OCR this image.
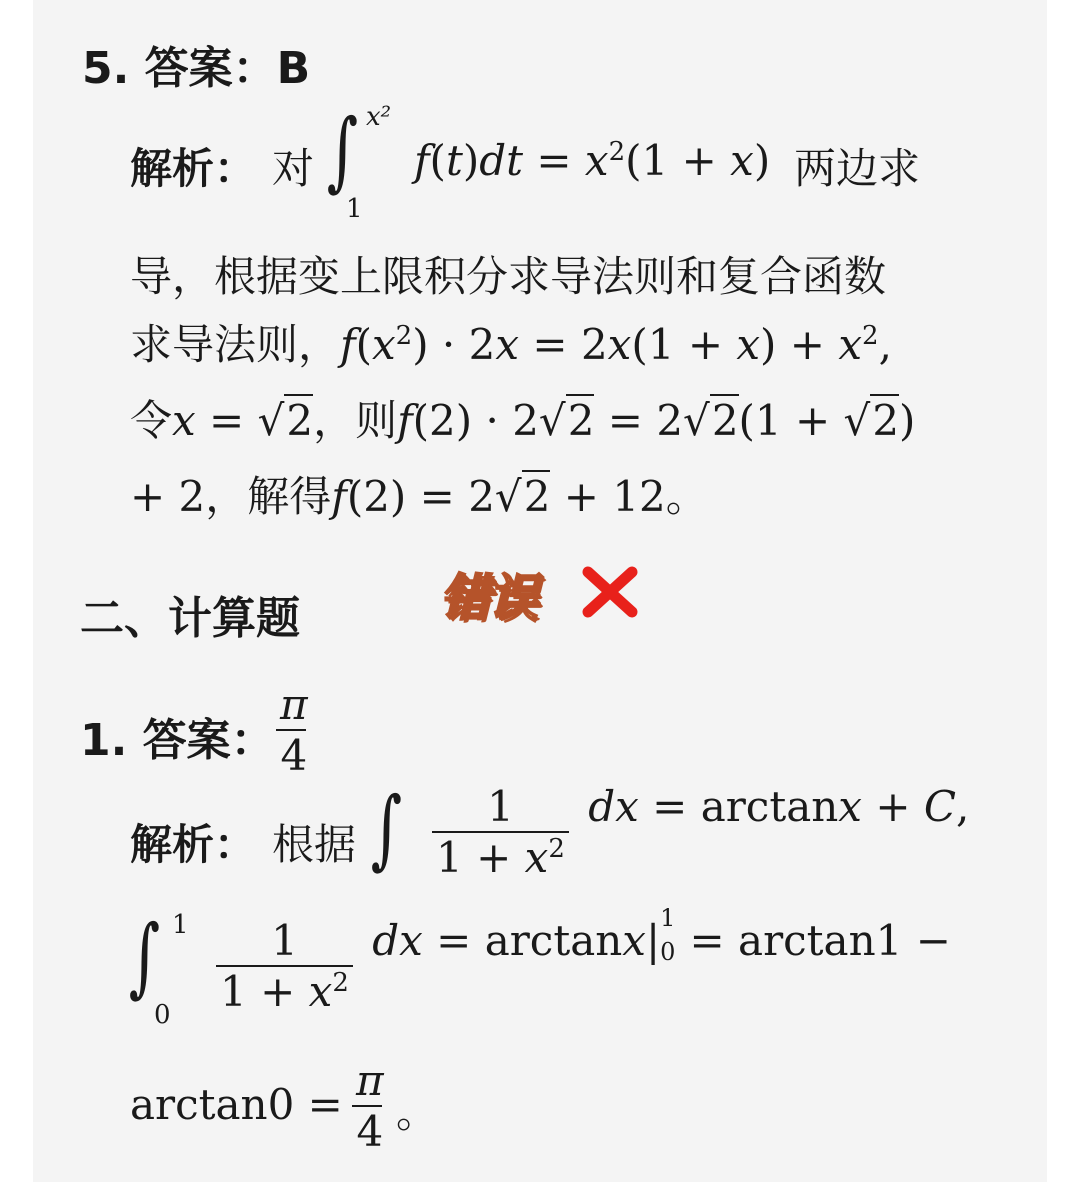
5. 答案：B
解析： 对 ∫ x²
1
$f(t)dt = x^2(1 + x)$ 两边求
导，根据变上限积分求导法则和复合函数
求导法则，$f(x^2) \cdot 2x = 2x(1 + x) + x^2$,
令x = √2，则f(2) · 2√2 = 2√2(1 + √2)
+ 2，解得f(2) = 2√2 + 12。
二、计算题	错误
1. 答案： $\frac{\pi}{4}$
解析： 根据 ∫ $\frac{1}{1 + x^2}$ dx = arctanx + C,
∫ 1
$0 \frac{1}{1 + x^2}$ dx = arctanx| 1
0 = arctan1 −
$\arctan 0 = \frac{\pi}{4}$ 。
